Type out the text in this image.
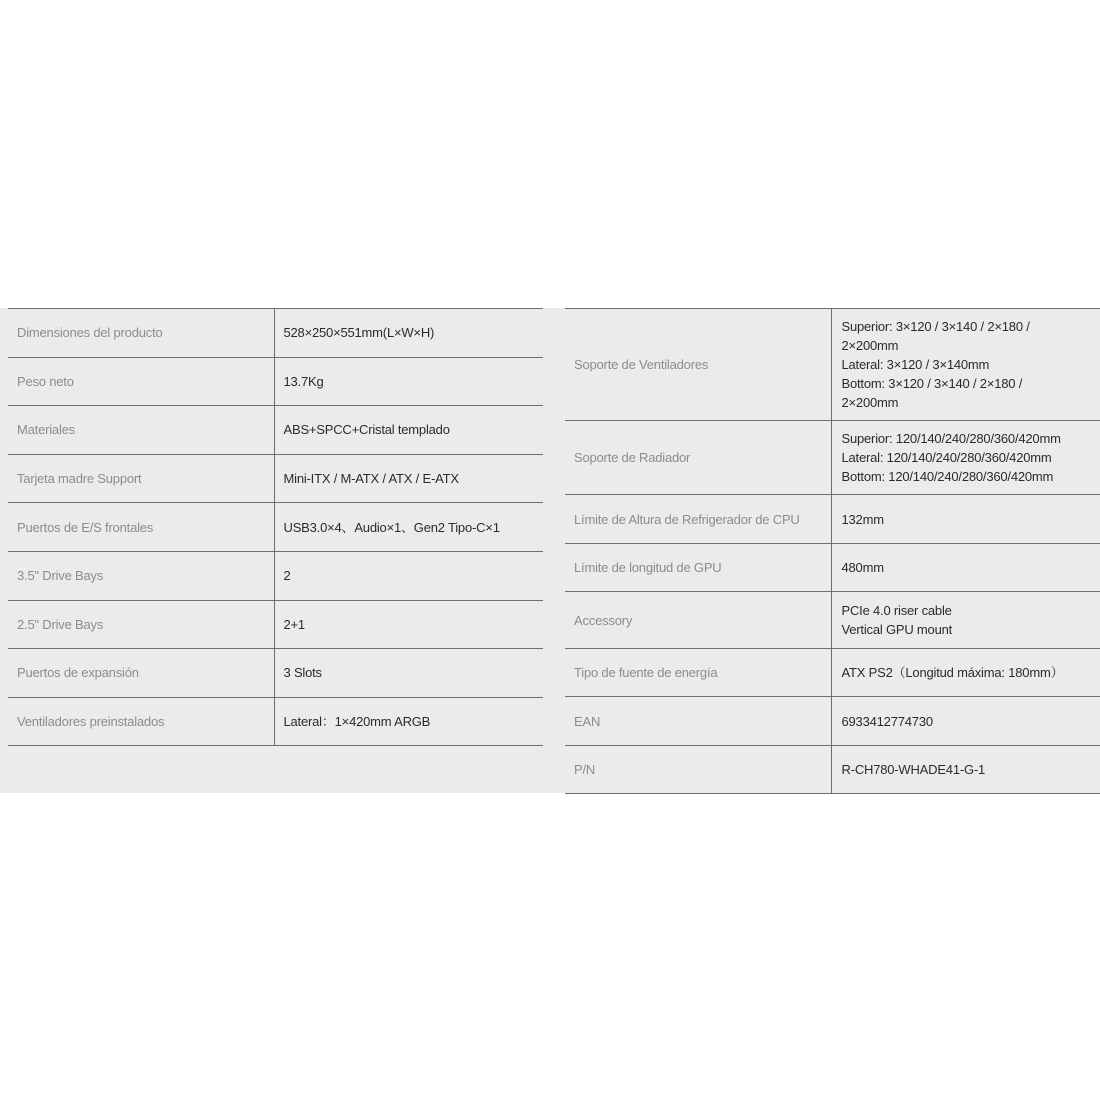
Dimensiones del producto	528×250×551mm(L×W×H)
Peso neto	13.7Kg
Materiales	ABS+SPCC+Cristal templado
Tarjeta madre Support	Mini-ITX / M-ATX / ATX / E-ATX
Puertos de E/S frontales	USB3.0×4、Audio×1、Gen2 Tipo-C×1
3.5" Drive Bays	2
2.5" Drive Bays	2+1
Puertos de expansión	3 Slots
Ventiladores preinstalados	Lateral：1×420mm ARGB
Soporte de Ventiladores	Superior: 3×120 / 3×140 / 2×180 /
2×200mm
Lateral: 3×120 / 3×140mm
Bottom: 3×120 / 3×140 / 2×180 /
2×200mm
Soporte de Radiador	Superior: 120/140/240/280/360/420mm
Lateral: 120/140/240/280/360/420mm
Bottom: 120/140/240/280/360/420mm
Límite de Altura de Refrigerador de CPU	132mm
Límite de longitud de GPU	480mm
Accessory	PCIe 4.0 riser cable
Vertical GPU mount
Tipo de fuente de energía	ATX PS2（Longitud máxima: 180mm）
EAN	6933412774730
P/N	R-CH780-WHADE41-G-1
